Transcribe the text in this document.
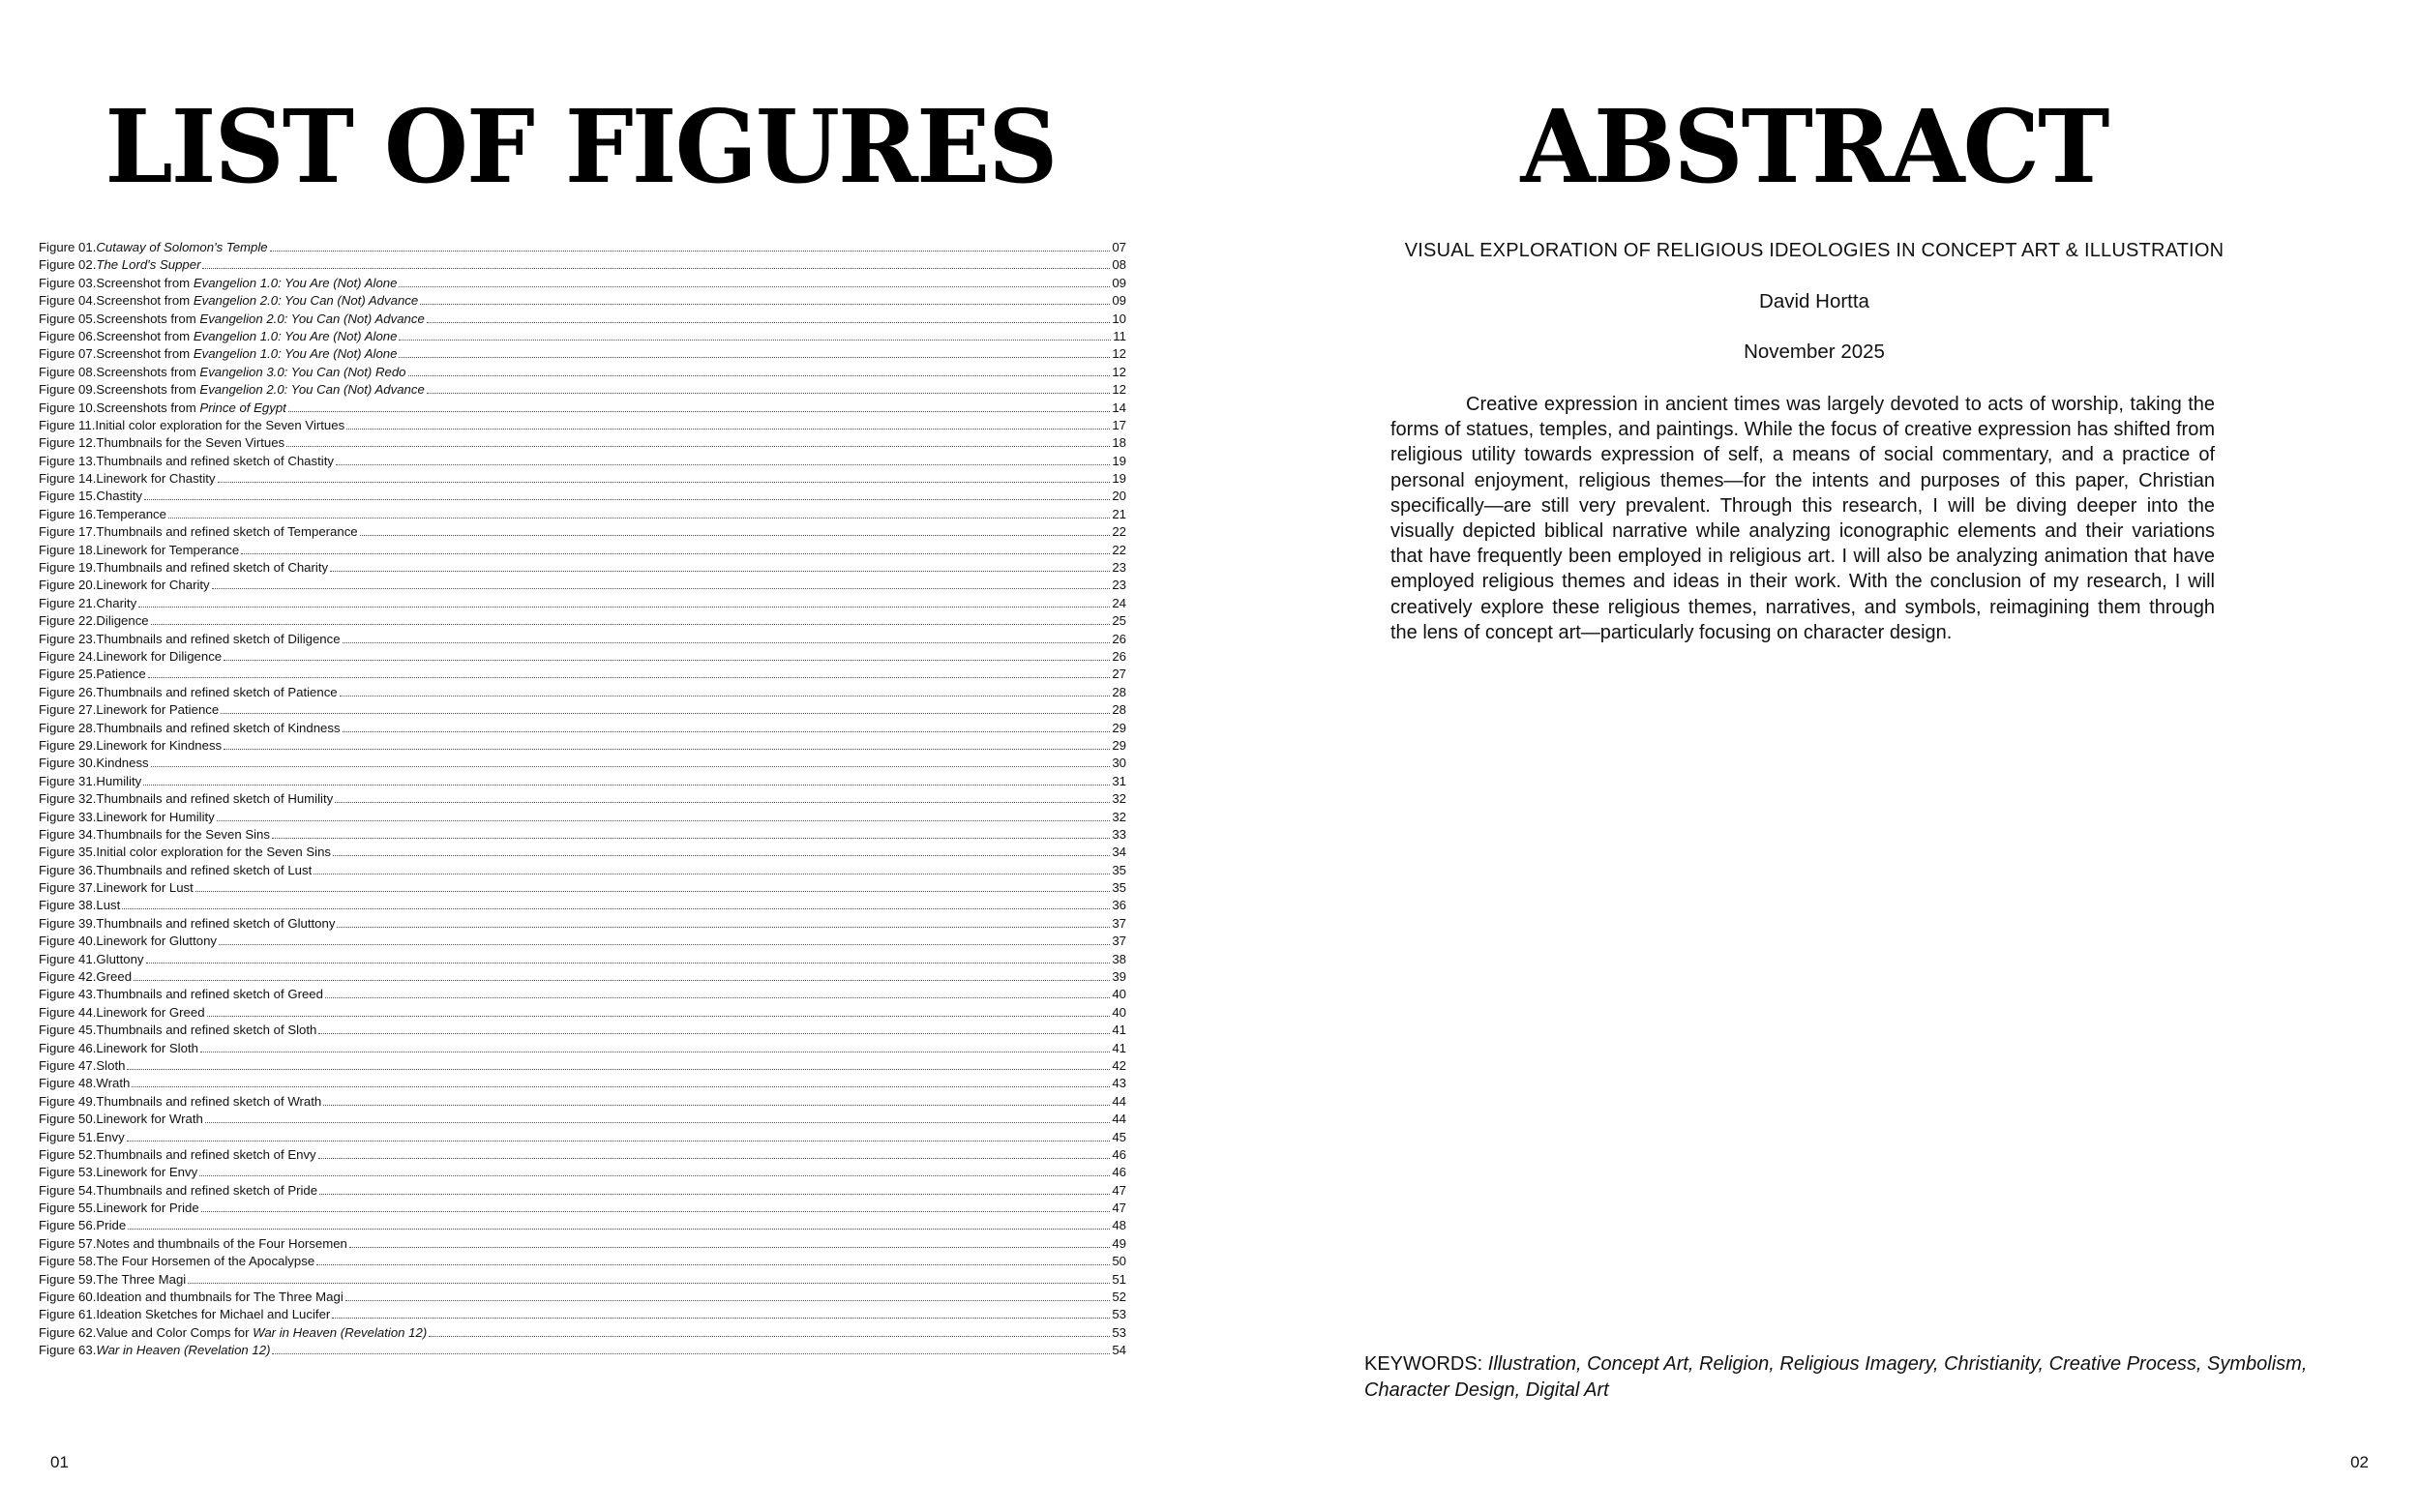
LIST OF FIGURES
Figure 01. Cutaway of Solomon's Temple	07
Figure 02. The Lord's Supper	08
Figure 03. Screenshot from Evangelion 1.0: You Are (Not) Alone	09
Figure 04. Screenshot from Evangelion 2.0: You Can (Not) Advance	09
Figure 05. Screenshots from Evangelion 2.0: You Can (Not) Advance	10
Figure 06. Screenshot from Evangelion 1.0: You Are (Not) Alone	11
Figure 07. Screenshot from Evangelion 1.0: You Are (Not) Alone	12
Figure 08. Screenshots from Evangelion 3.0: You Can (Not) Redo	12
Figure 09. Screenshots from Evangelion 2.0: You Can (Not) Advance	12
Figure 10. Screenshots from Prince of Egypt	14
Figure 11. Initial color exploration for the Seven Virtues	17
Figure 12. Thumbnails for the Seven Virtues	18
Figure 13. Thumbnails and refined sketch of Chastity	19
Figure 14. Linework for Chastity	19
Figure 15. Chastity	20
Figure 16. Temperance	21
Figure 17. Thumbnails and refined sketch of Temperance	22
Figure 18. Linework for Temperance	22
Figure 19. Thumbnails and refined sketch of Charity	23
Figure 20. Linework for Charity	23
Figure 21. Charity	24
Figure 22. Diligence	25
Figure 23. Thumbnails and refined sketch of Diligence	26
Figure 24. Linework for Diligence	26
Figure 25. Patience	27
Figure 26. Thumbnails and refined sketch of Patience	28
Figure 27. Linework for Patience	28
Figure 28. Thumbnails and refined sketch of Kindness	29
Figure 29. Linework for Kindness	29
Figure 30. Kindness	30
Figure 31. Humility	31
Figure 32. Thumbnails and refined sketch of Humility	32
Figure 33. Linework for Humility	32
Figure 34. Thumbnails for the Seven Sins	33
Figure 35. Initial color exploration for the Seven Sins	34
Figure 36. Thumbnails and refined sketch of Lust	35
Figure 37. Linework for Lust	35
Figure 38. Lust	36
Figure 39. Thumbnails and refined sketch of Gluttony	37
Figure 40. Linework for Gluttony	37
Figure 41. Gluttony	38
Figure 42. Greed	39
Figure 43. Thumbnails and refined sketch of Greed	40
Figure 44. Linework for Greed	40
Figure 45. Thumbnails and refined sketch of Sloth	41
Figure 46. Linework for Sloth	41
Figure 47. Sloth	42
Figure 48. Wrath	43
Figure 49. Thumbnails and refined sketch of Wrath	44
Figure 50. Linework for Wrath	44
Figure 51. Envy	45
Figure 52. Thumbnails and refined sketch of Envy	46
Figure 53. Linework for Envy	46
Figure 54. Thumbnails and refined sketch of Pride	47
Figure 55. Linework for Pride	47
Figure 56. Pride	48
Figure 57. Notes and thumbnails of the Four Horsemen	49
Figure 58. The Four Horsemen of the Apocalypse	50
Figure 59. The Three Magi	51
Figure 60. Ideation and thumbnails for The Three Magi	52
Figure 61. Ideation Sketches for Michael and Lucifer	53
Figure 62. Value and Color Comps for War in Heaven (Revelation 12)	53
Figure 63. War in Heaven (Revelation 12)	54

01

ABSTRACT

VISUAL EXPLORATION OF RELIGIOUS IDEOLOGIES IN CONCEPT ART & ILLUSTRATION

David Hortta

November 2025

Creative expression in ancient times was largely devoted to acts of worship, taking the forms of statues, temples, and paintings. While the focus of creative expression has shifted from religious utility towards expression of self, a means of social commentary, and a practice of personal enjoyment, religious themes—for the intents and purposes of this paper, Christian specifically—are still very prevalent. Through this research, I will be diving deeper into the visually depicted biblical narrative while analyzing iconographic elements and their variations that have frequently been employed in religious art. I will also be analyzing animation that have employed religious themes and ideas in their work. With the conclusion of my research, I will creatively explore these religious themes, narratives, and symbols, reimagining them through the lens of concept art—particularly focusing on character design.

KEYWORDS: Illustration, Concept Art, Religion, Religious Imagery, Christianity, Creative Process, Symbolism, Character Design, Digital Art

02
